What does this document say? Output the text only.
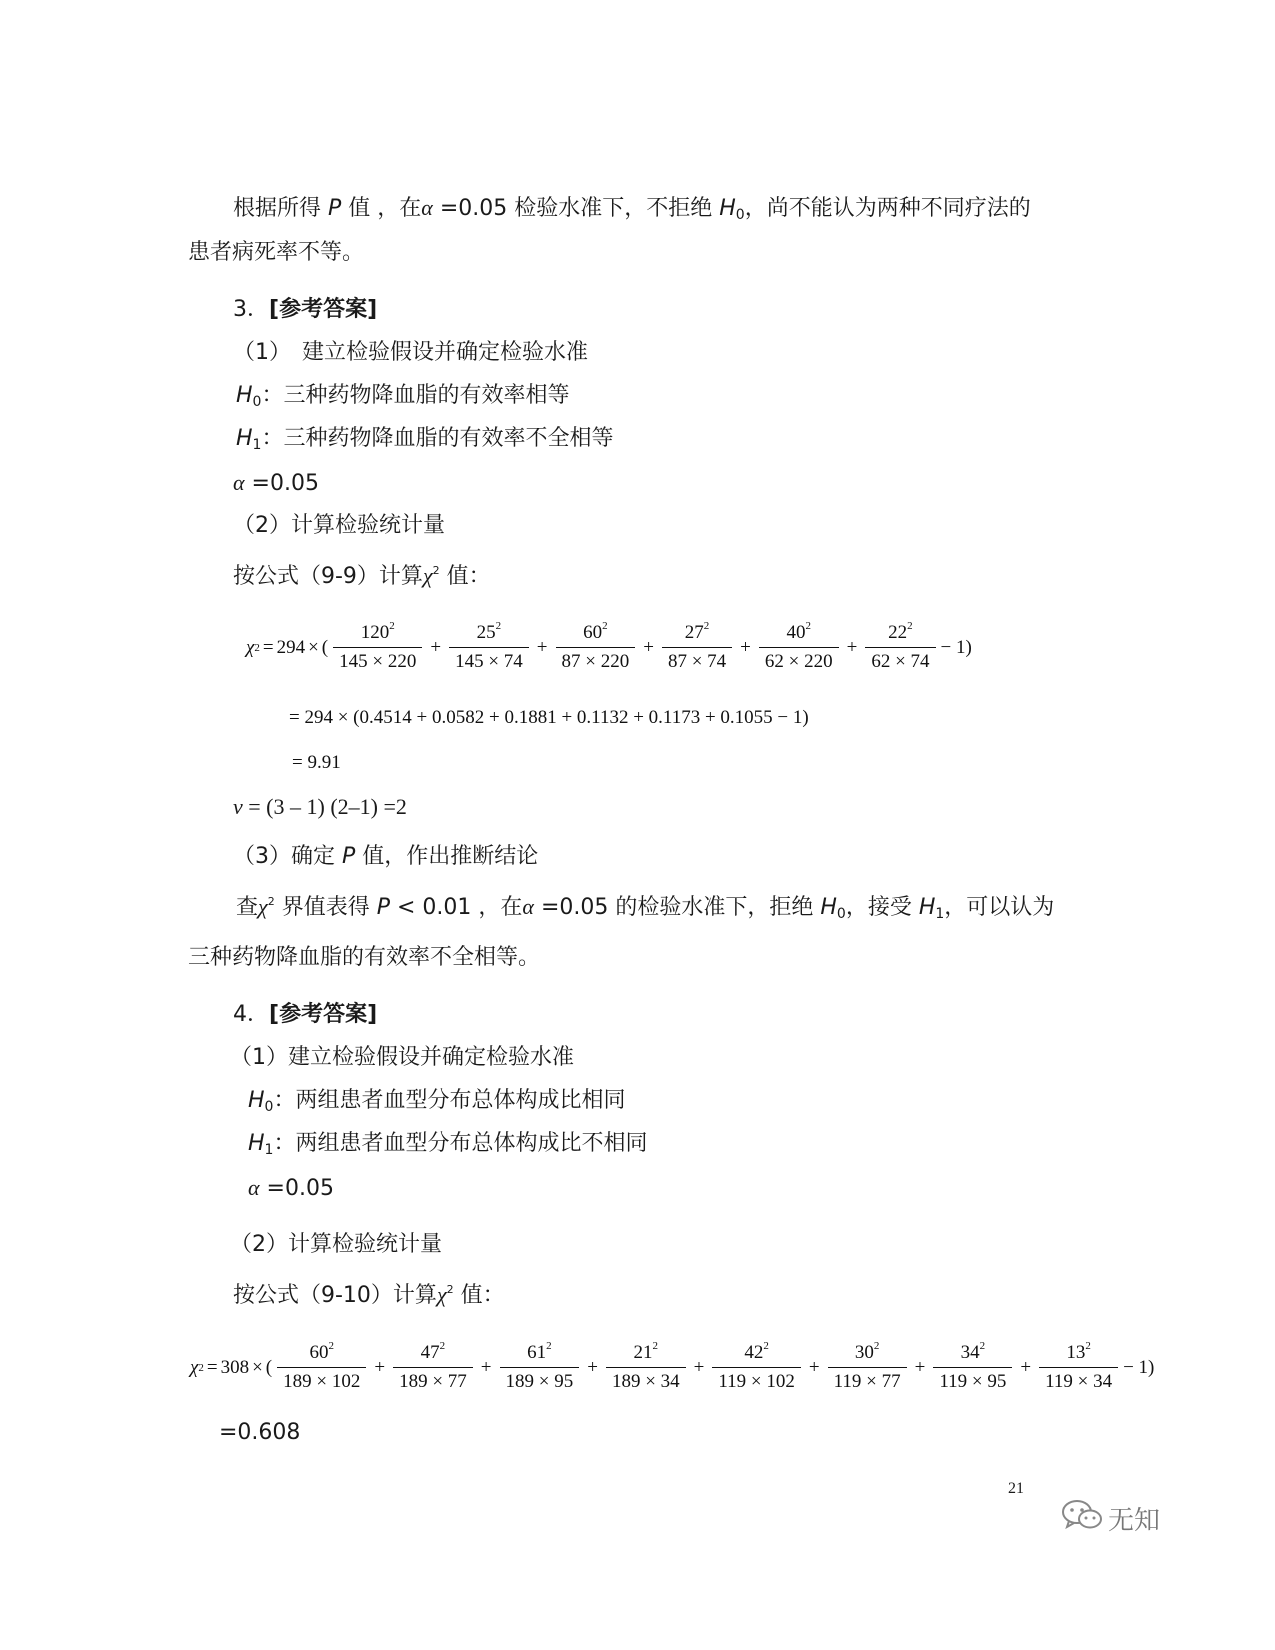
根据所得 P 值 ，在α =0.05 检验水准下，不拒绝 $H_0$，尚不能认为两种不同疗法的
患者病死率不等。
3．[参考答案]
（1）　建立检验假设并确定检验水准
$H_0$：三种药物降血脂的有效率相等
$H_1$：三种药物降血脂的有效率不全相等
α =0.05
（2）计算检验统计量
按公式（9-9）计算$\chi^2$ 值：
χ 2 = 294 × ( $\frac{120^2}{145 \times 220} + \frac{25^2}{145 \times 74} + \frac{60^2}{87 \times 220} + \frac{27^2}{87 \times 74} + \frac{40^2}{62 \times 220} + \frac{22^2}{62 \times 74} - 1$)
= 294 × (0.4514 + 0.0582 + 0.1881 + 0.1132 + 0.1173 + 0.1055 − 1)
= 9.91
ν = (3 – 1) (2–1) =2
（3）确定 P 值，作出推断结论
查$\chi^2$ 界值表得 P < 0.01 ，在α =0.05 的检验水准下，拒绝 $H_0$，接受 $H_1$，可以认为
三种药物降血脂的有效率不全相等。
4．[参考答案]
（1）建立检验假设并确定检验水准
$H_0$：两组患者血型分布总体构成比相同
$H_1$：两组患者血型分布总体构成比不相同
α =0.05
（2）计算检验统计量
按公式（9-10）计算$\chi^2$ 值：
χ 2 = 308 × ( $\frac{60^2}{189 \times 102} + \frac{47^2}{189 \times 77} + \frac{61^2}{189 \times 95} + \frac{21^2}{189 \times 34} + \frac{42^2}{119 \times 102} + \frac{30^2}{119 \times 77} + \frac{34^2}{119 \times 95} + \frac{13^2}{119 \times 34} - 1$)
=0.608
21
无知
